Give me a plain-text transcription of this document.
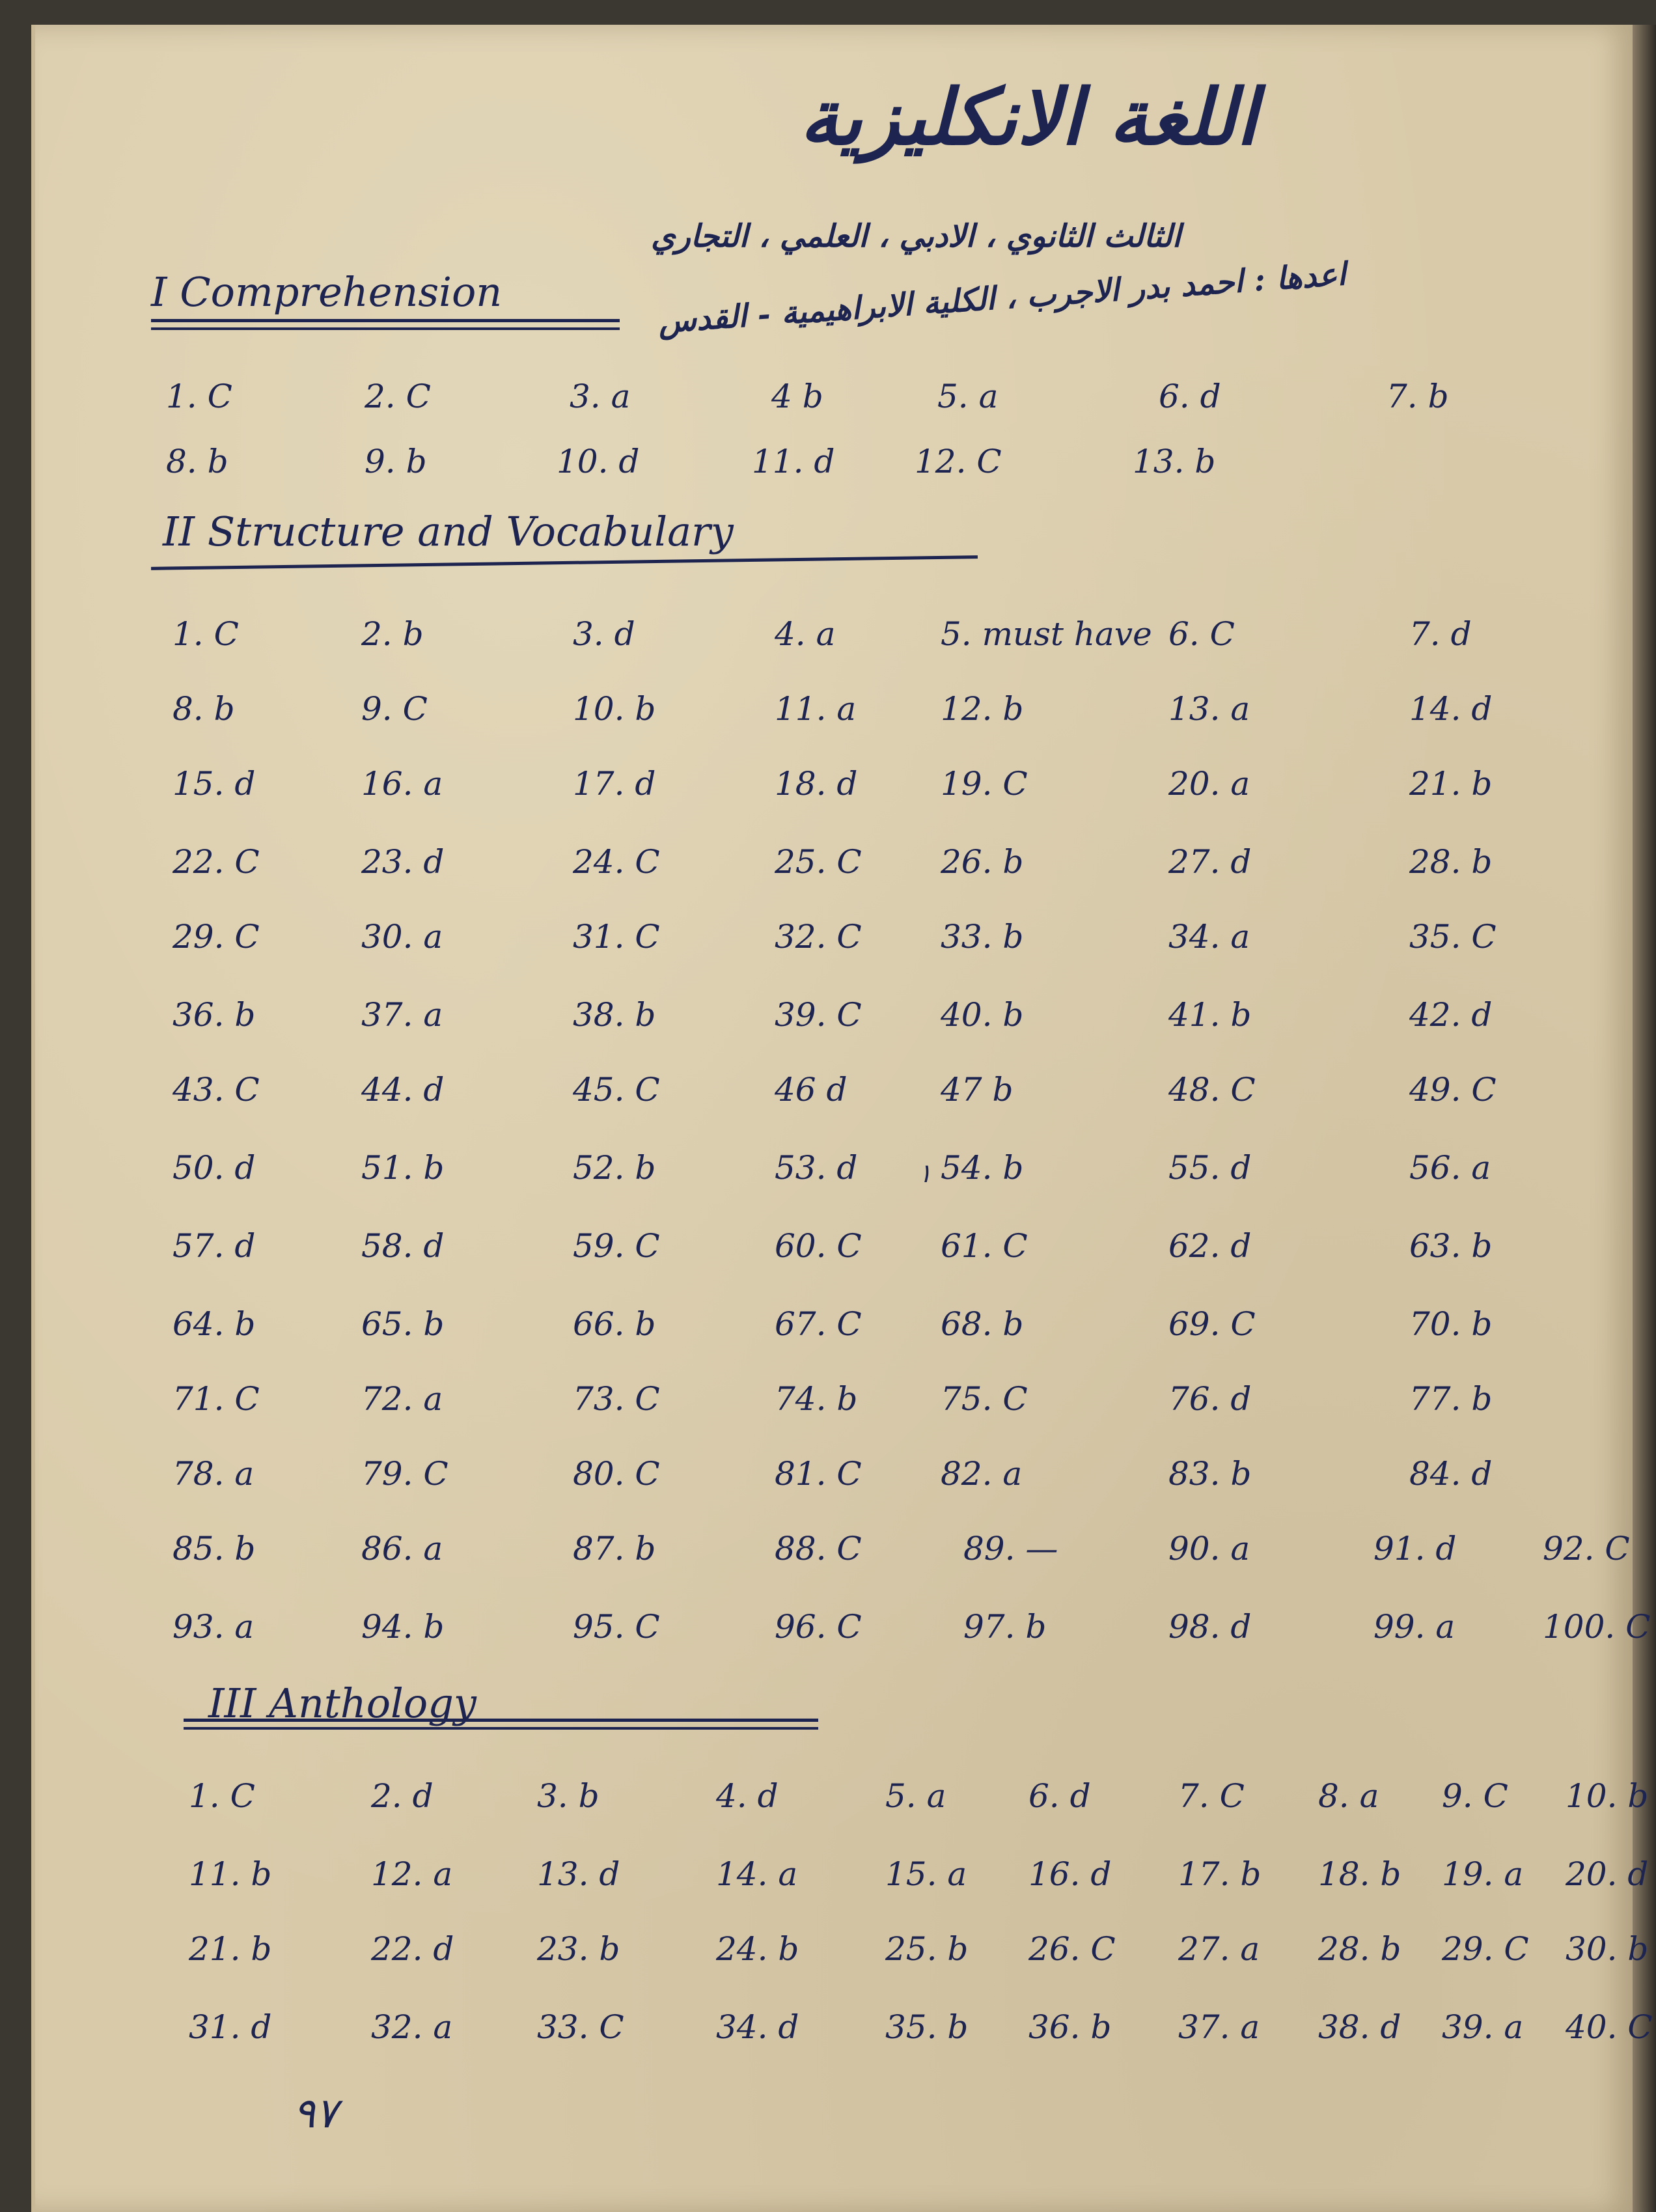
اللغة الانكليزية
الثالث الثانوي ، الادبي ، العلمي ، التجاري
اعدها : احمد بدر الاجرب ، الكلية الابراهيمية - القدس
I Comprehension
1. C	2. C	3. a	4 b	5. a	6. d	7. b
8. b	9. b	10. d	11. d 12. C	13. b
II Structure and Vocabulary
1. C	2. b	3. d	4. a	5. must have 6. C	7. d
8. b	9. C	10. b	11. a	12. b	13. a	14. d
15. d	16. a	17. d	18. d	19. C	20. a	21. b
22. C	23. d	24. C	25. C 26. b	27. d	28. b
29. C	30. a	31. C	32. C 33. b	34. a	35. C
36. b	37. a	38. b	39. C 40. b	41. b	42. d
43. C	44. d	45. C	46 d	47 b	48. C	49. C
50. d	51. b	52. b	53. d	54. b	55. d	56. a
57. d	58. d	59. C	60. C 61. C	62. d	63. b
64. b	65. b	66. b	67. C 68. b	69. C	70. b
71. C	72. a	73. C	74. b	75. C	76. d	77. b
78. a	79. C	80. C	81. C 82. a	83. b	84. d
85. b	86. a	87. b	88. C	89. —	90. a	91. d	92. C
93. a	94. b	95. C	96. C	97. b	98. d	99. a	100. C
III Anthology
1. C	2. d	3. b	4. d	5. a	6. d	7. C 8. a 9. C 10. b
11. b	12. a	13. d	14. a	15. a 16. d 17. b 18. b 19. a 20. d
21. b	22. d	23. b	24. b	25. b 26. C 27. a 28. b 29. C 30. b
31. d	32. a	33. C	34. d	35. b 36. b 37. a 38. d 39. a 40. C
١
٩٧
